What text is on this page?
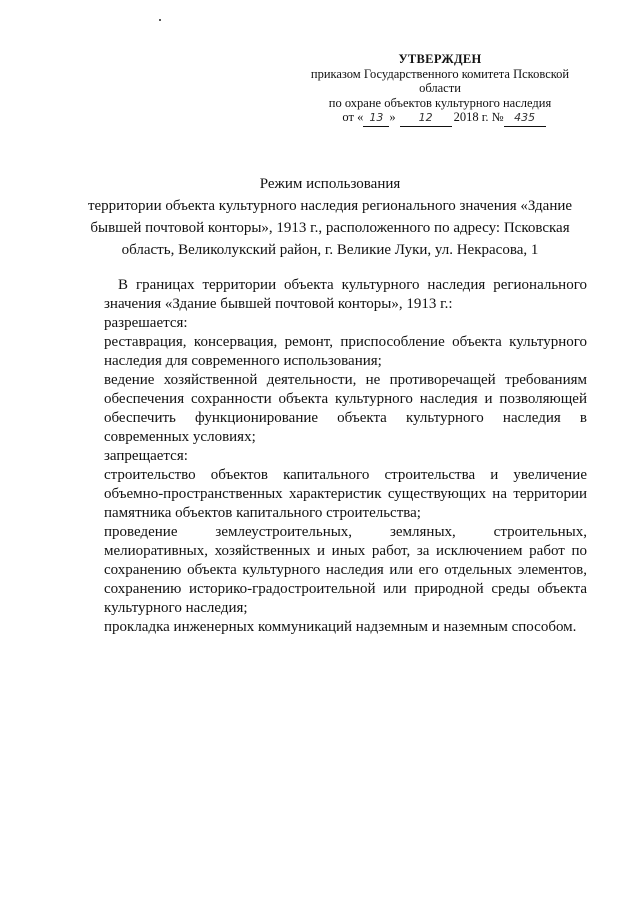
УТВЕРЖДЕН
приказом Государственного комитета Псковской области
по охране объектов культурного наследия
от « 13 » 12 2018 г. № 435
Режим использования
территории объекта культурного наследия регионального значения «Здание
бывшей почтовой конторы», 1913 г., расположенного по адресу: Псковская
область, Великолукский район, г. Великие Луки, ул. Некрасова, 1

В границах территории объекта культурного наследия регионального значения «Здание бывшей почтовой конторы», 1913 г.:

разрешается:

реставрация, консервация, ремонт, приспособление объекта культурного наследия для современного использования;

ведение хозяйственной деятельности, не противоречащей требованиям обеспечения сохранности объекта культурного наследия и позволяющей обеспечить функционирование объекта культурного наследия в современных условиях;

запрещается:

строительство объектов капитального строительства и увеличение объемно-пространственных характеристик существующих на территории памятника объектов капитального строительства;

проведение землеустроительных, земляных, строительных, мелиоративных, хозяйственных и иных работ, за исключением работ по сохранению объекта культурного наследия или его отдельных элементов, сохранению историко-градостроительной или природной среды объекта культурного наследия;

прокладка инженерных коммуникаций надземным и наземным способом.
